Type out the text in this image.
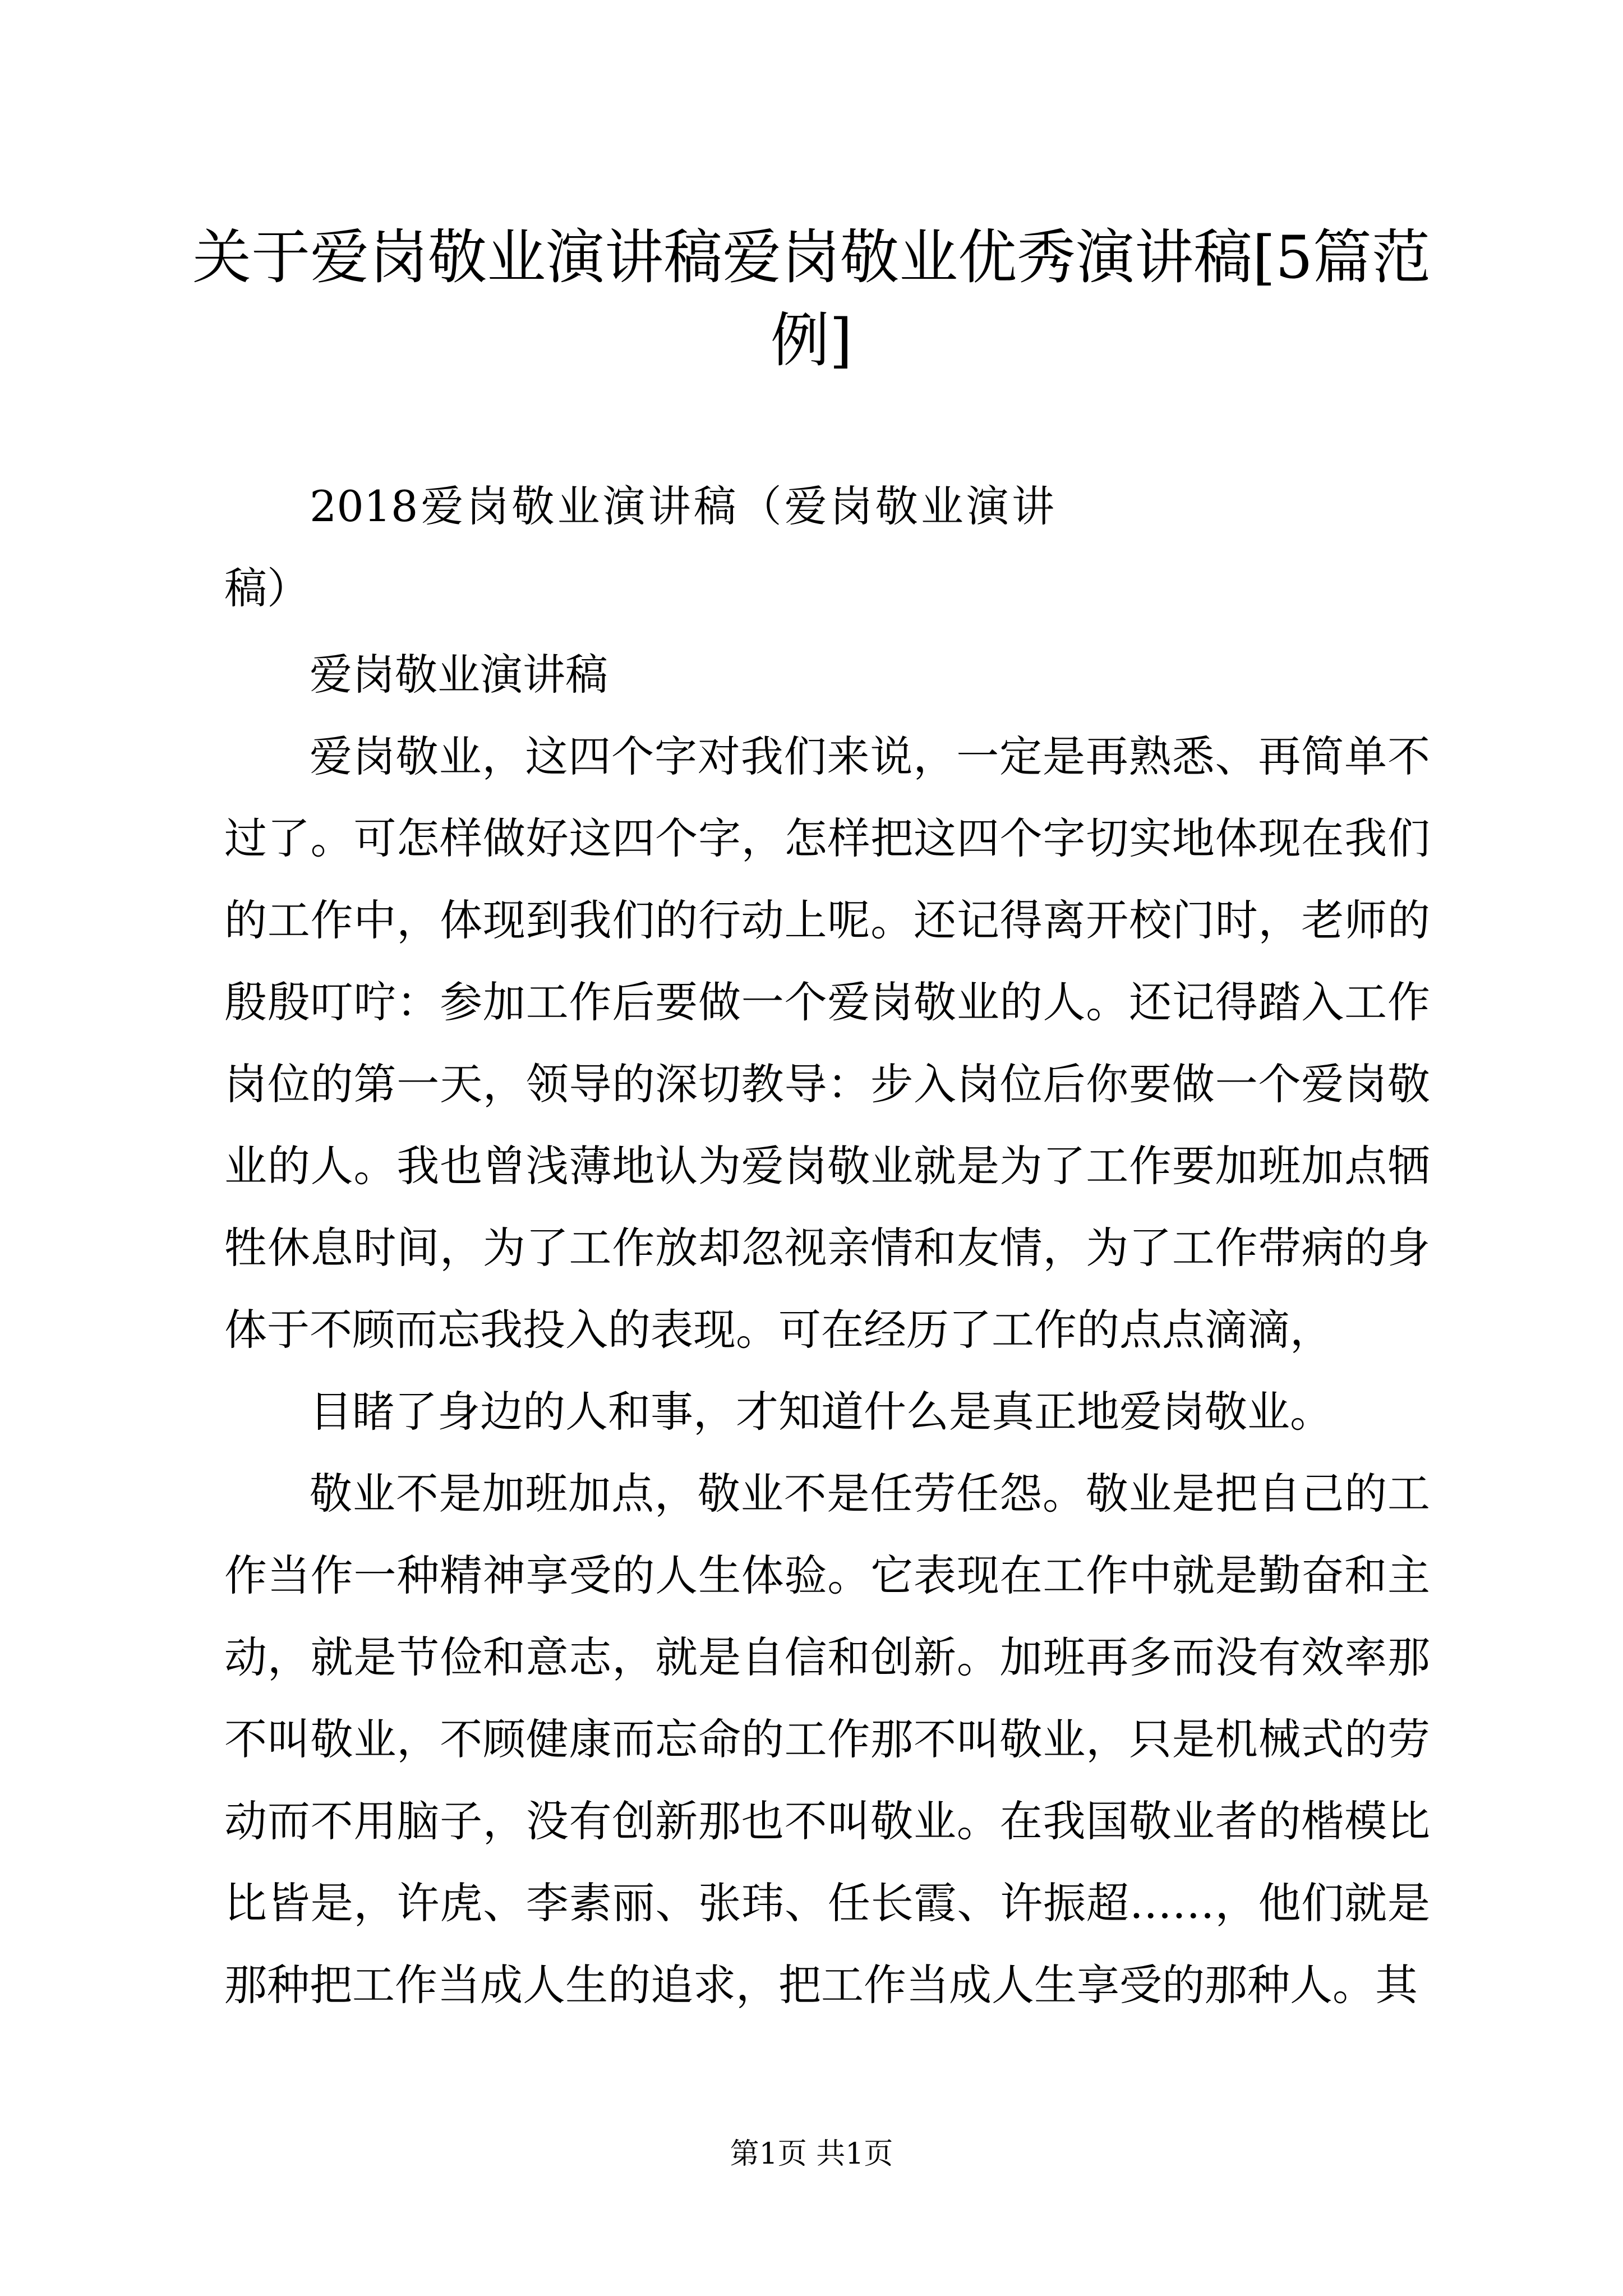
关于爱岗敬业演讲稿爱岗敬业优秀演讲稿[5篇范例]

2018爱岗敬业演讲稿（爱岗敬业演讲稿）

爱岗敬业演讲稿

爱岗敬业，这四个字对我们来说，一定是再熟悉、再简单不过了。可怎样做好这四个字，怎样把这四个字切实地体现在我们的工作中，体现到我们的行动上呢。还记得离开校门时，老师的殷殷叮咛：参加工作后要做一个爱岗敬业的人。还记得踏入工作岗位的第一天，领导的深切教导：步入岗位后你要做一个爱岗敬业的人。我也曾浅薄地认为爱岗敬业就是为了工作要加班加点牺牲休息时间，为了工作放却忽视亲情和友情，为了工作带病的身体于不顾而忘我投入的表现。可在经历了工作的点点滴滴，

目睹了身边的人和事，才知道什么是真正地爱岗敬业。

敬业不是加班加点，敬业不是任劳任怨。敬业是把自己的工作当作一种精神享受的人生体验。它表现在工作中就是勤奋和主动，就是节俭和意志，就是自信和创新。加班再多而没有效率那不叫敬业，不顾健康而忘命的工作那不叫敬业，只是机械式的劳动而不用脑子，没有创新那也不叫敬业。在我国敬业者的楷模比比皆是，许虎、李素丽、张玮、任长霞、许振超……，他们就是那种把工作当成人生的追求，把工作当成人生享受的那种人。其

第1页 共1页
